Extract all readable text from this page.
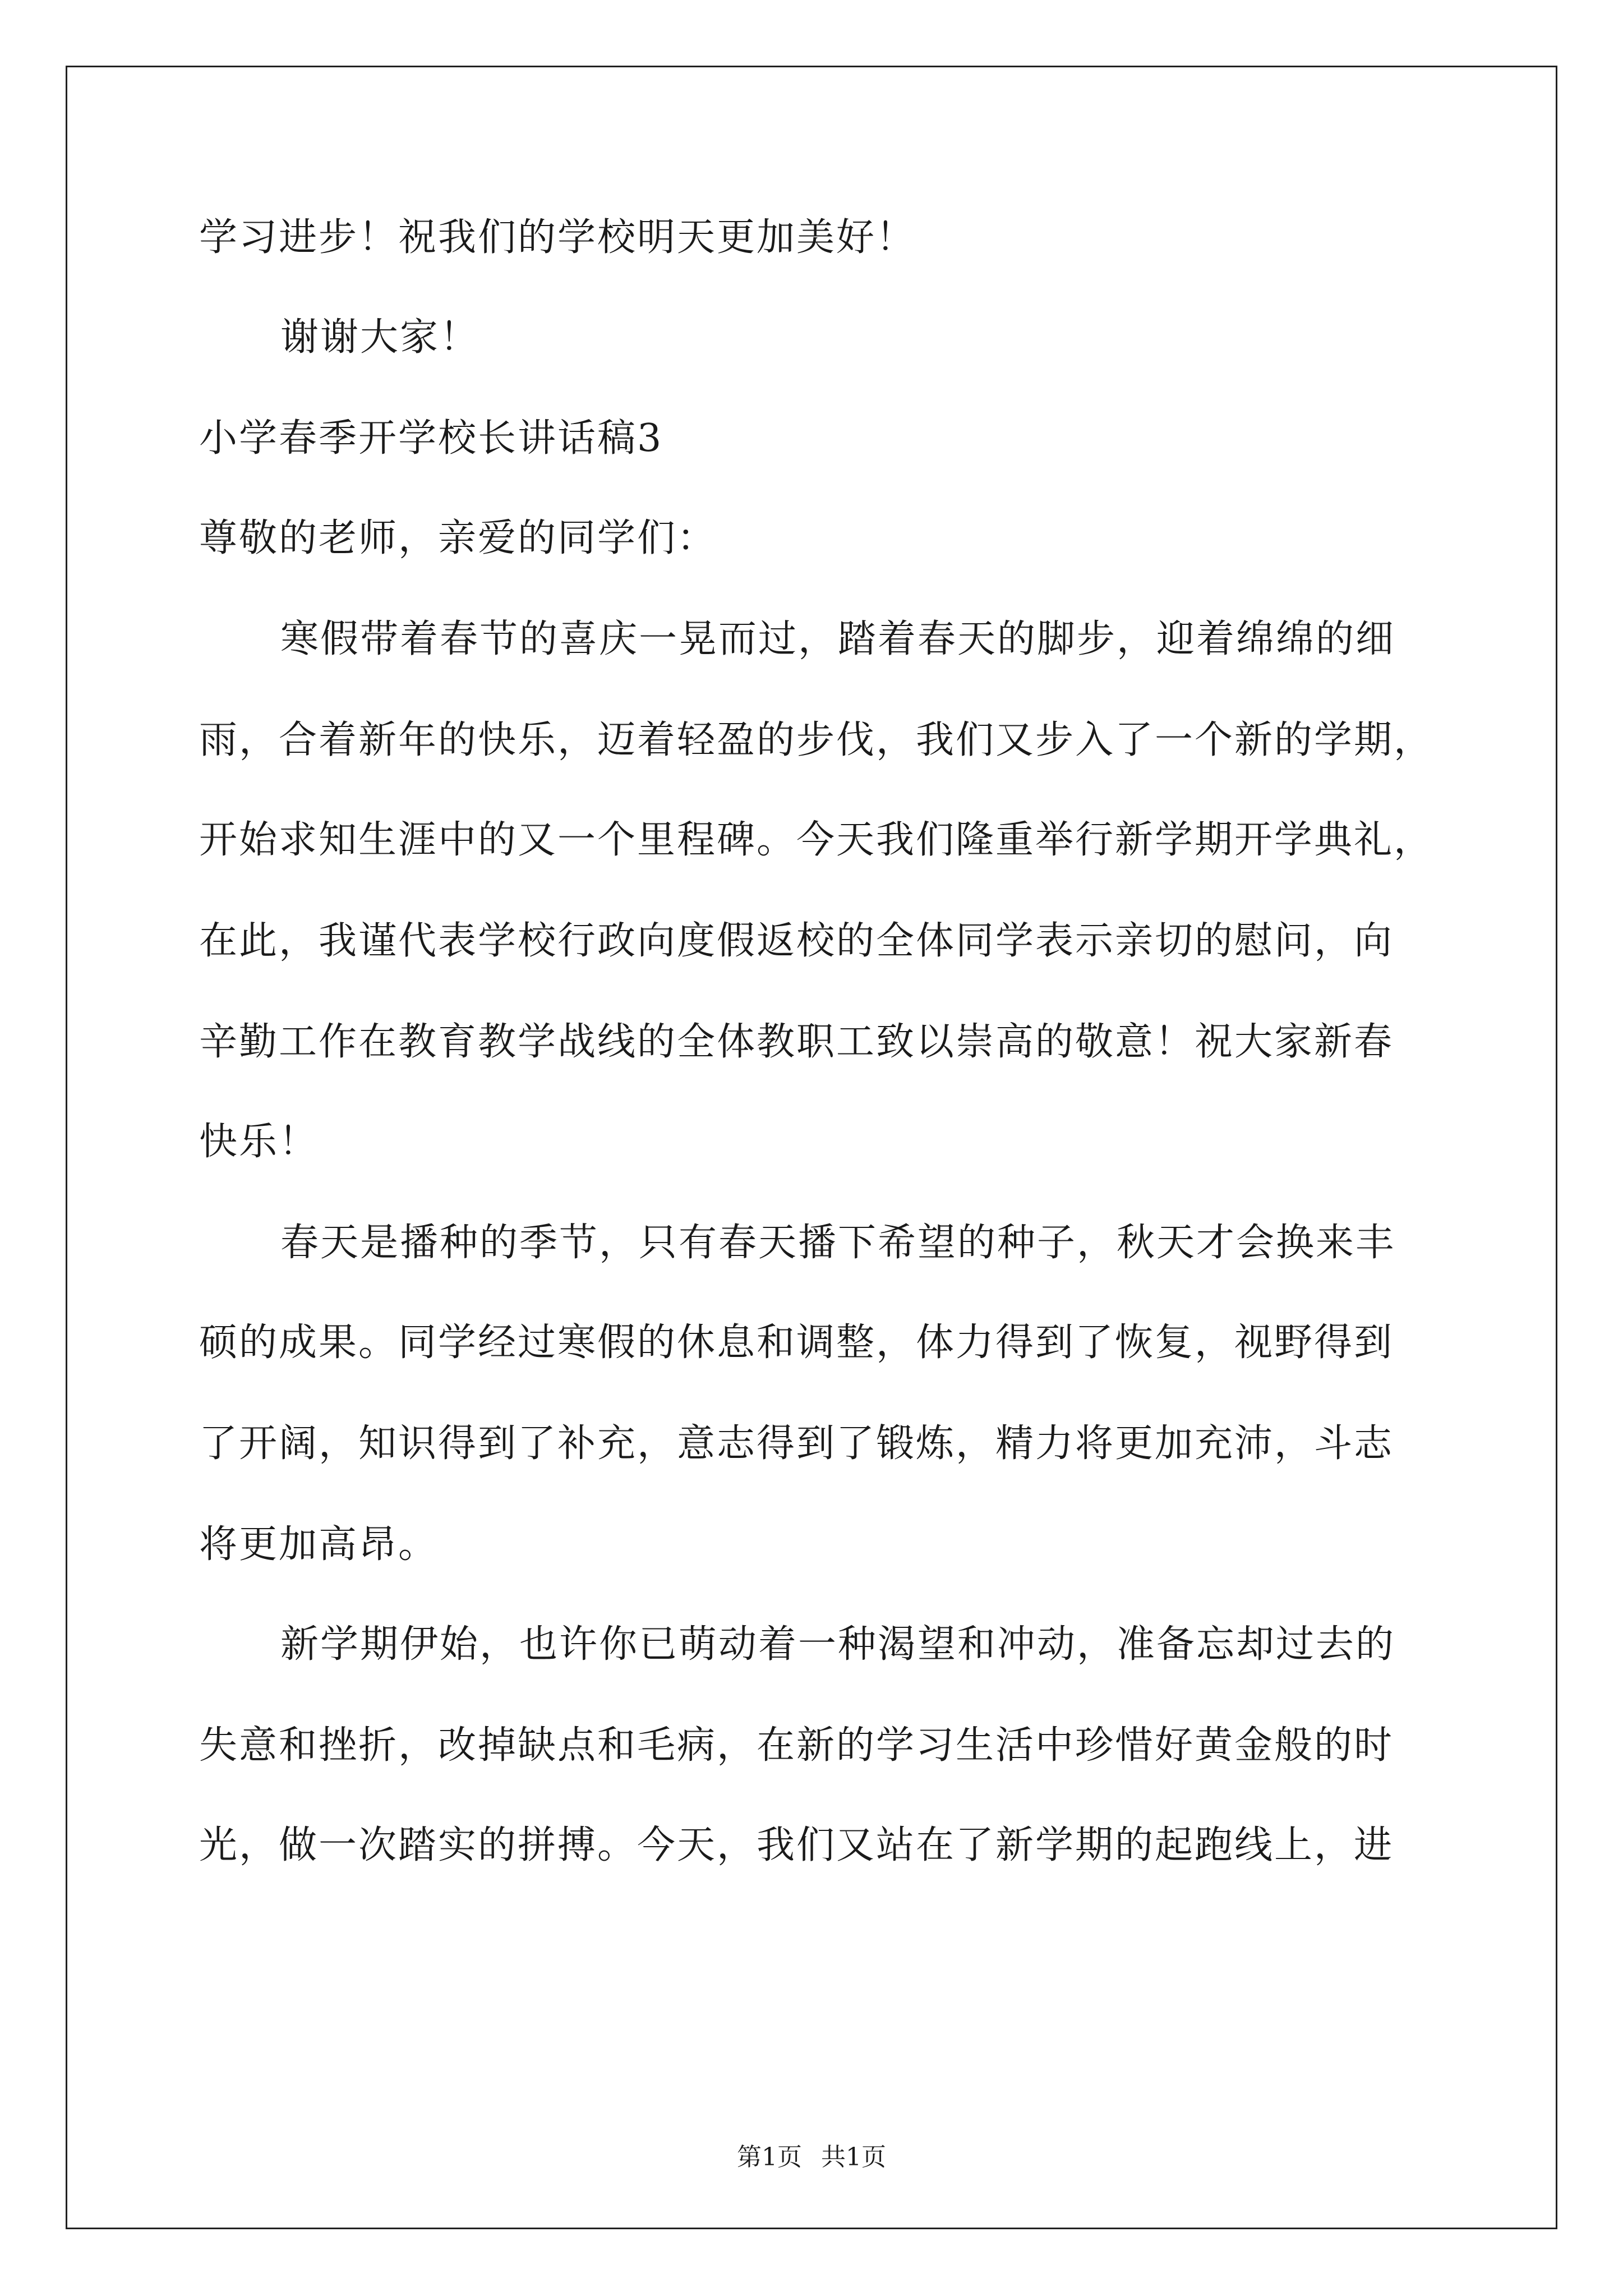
学习进步！祝我们的学校明天更加美好！
谢谢大家！
小学春季开学校长讲话稿3
尊敬的老师，亲爱的同学们：
寒假带着春节的喜庆一晃而过，踏着春天的脚步，迎着绵绵的细
雨，合着新年的快乐，迈着轻盈的步伐，我们又步入了一个新的学期，
开始求知生涯中的又一个里程碑。今天我们隆重举行新学期开学典礼，
在此，我谨代表学校行政向度假返校的全体同学表示亲切的慰问，向
辛勤工作在教育教学战线的全体教职工致以崇高的敬意！祝大家新春
快乐！
春天是播种的季节，只有春天播下希望的种子，秋天才会换来丰
硕的成果。同学经过寒假的休息和调整，体力得到了恢复，视野得到
了开阔，知识得到了补充，意志得到了锻炼，精力将更加充沛，斗志
将更加高昂。
新学期伊始，也许你已萌动着一种渴望和冲动，准备忘却过去的
失意和挫折，改掉缺点和毛病，在新的学习生活中珍惜好黄金般的时
光，做一次踏实的拼搏。今天，我们又站在了新学期的起跑线上，进
第1页 共1页
